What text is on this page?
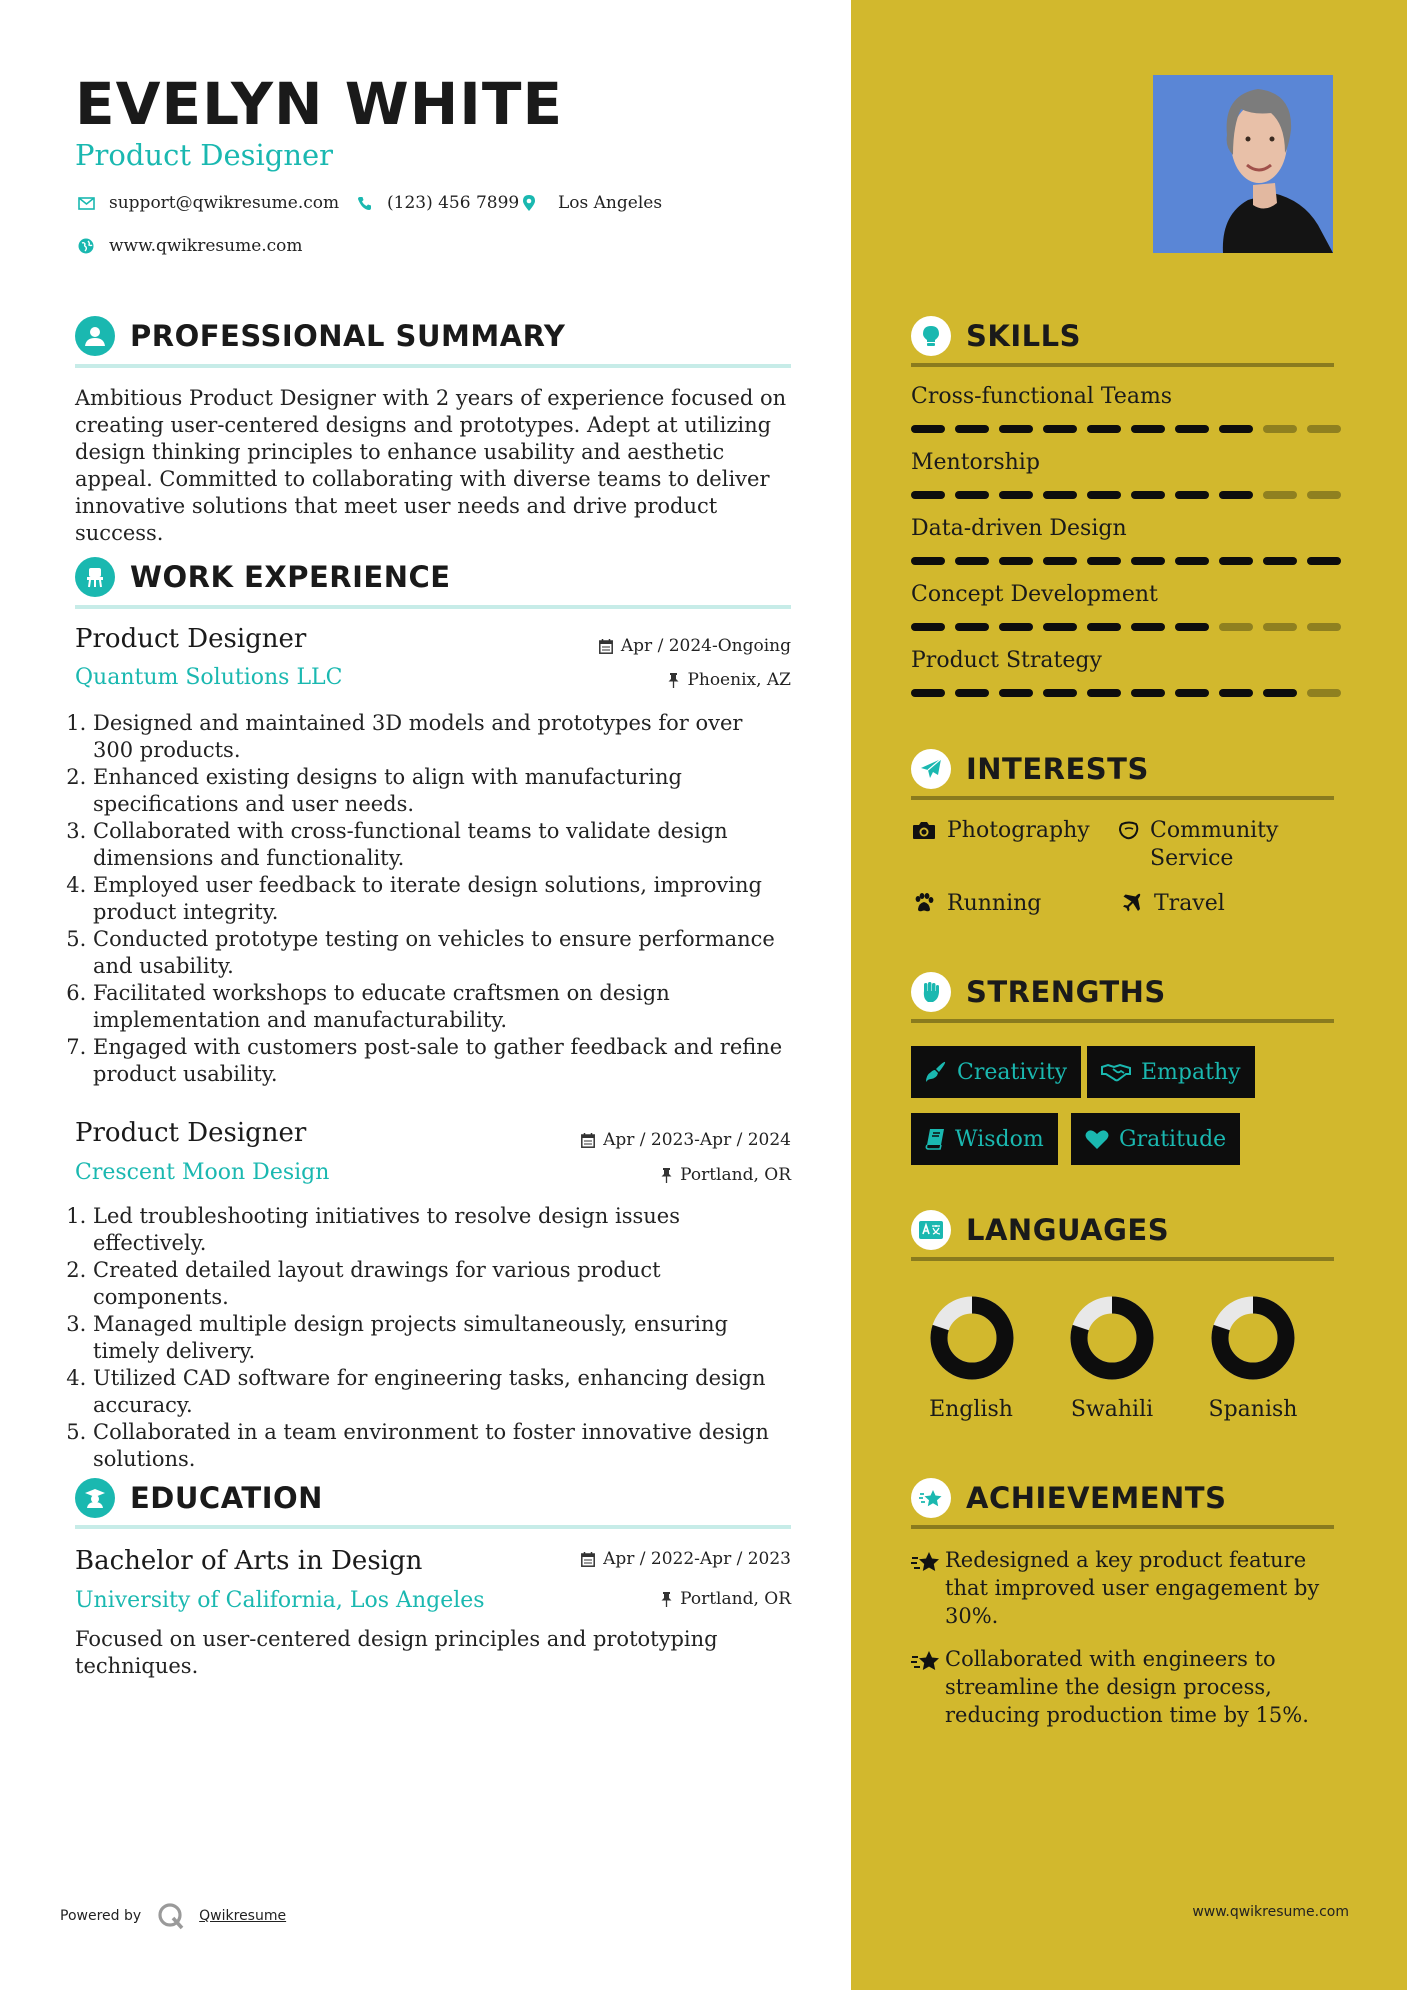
EVELYN WHITE
Product Designer
support@qwikresume.com	(123) 456 7899 Los Angeles
www.qwikresume.com
PROFESSIONAL SUMMARY
Ambitious Product Designer with 2 years of experience focused on creating user-centered designs and prototypes. Adept at utilizing design thinking principles to enhance usability and aesthetic appeal. Committed to collaborating with diverse teams to deliver innovative solutions that meet user needs and drive product success.
WORK EXPERIENCE
Product Designer	Apr / 2024-Ongoing
Quantum Solutions LLC	Phoenix, AZ
1. Designed and maintained 3D models and prototypes for over 300 products.
2. Enhanced existing designs to align with manufacturing specifications and user needs.
3. Collaborated with cross-functional teams to validate design dimensions and functionality.
4. Employed user feedback to iterate design solutions, improving product integrity.
5. Conducted prototype testing on vehicles to ensure performance and usability.
6. Facilitated workshops to educate craftsmen on design implementation and manufacturability.
7. Engaged with customers post-sale to gather feedback and refine product usability.
Product Designer	Apr / 2023-Apr / 2024
Crescent Moon Design	Portland, OR
1. Led troubleshooting initiatives to resolve design issues effectively.
2. Created detailed layout drawings for various product components.
3. Managed multiple design projects simultaneously, ensuring timely delivery.
4. Utilized CAD software for engineering tasks, enhancing design accuracy.
5. Collaborated in a team environment to foster innovative design solutions.
EDUCATION
Bachelor of Arts in Design	Apr / 2022-Apr / 2023
University of California, Los Angeles	Portland, OR
Focused on user-centered design principles and prototyping techniques.
SKILLS
Cross-functional Teams
Mentorship
Data-driven Design
Concept Development
Product Strategy
INTERESTS
Photography	Community Service
Running	Travel
STRENGTHS
Creativity	Empathy
Wisdom	Gratitude
LANGUAGES
English	Swahili	Spanish
ACHIEVEMENTS
Redesigned a key product feature that improved user engagement by 30%.
Collaborated with engineers to streamline the design process, reducing production time by 15%.
Powered by	Qwikresume	www.qwikresume.com
